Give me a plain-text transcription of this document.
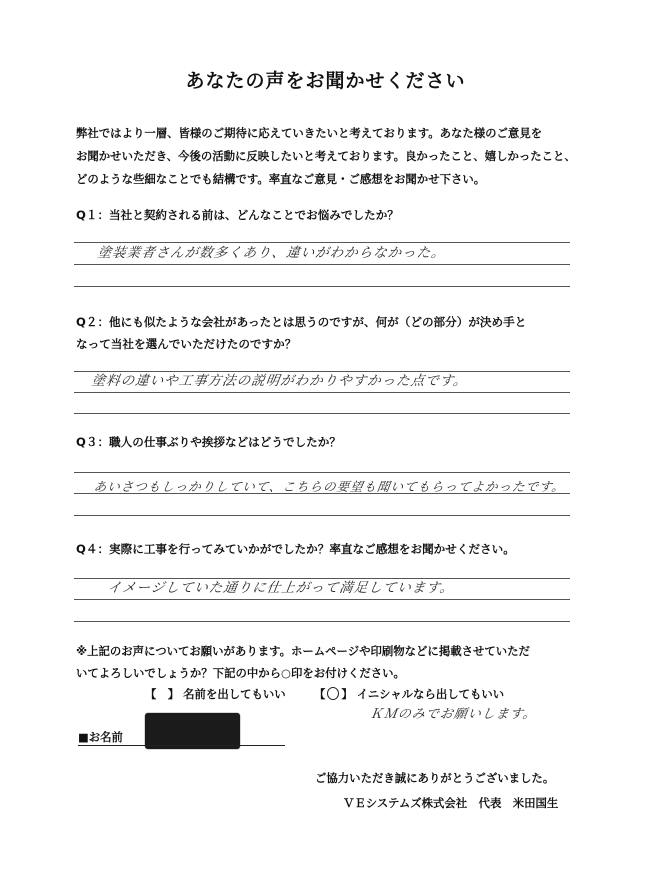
あなたの声をお聞かせください
弊社ではより一層、皆様のご期待に応えていきたいと考えております。あなた様のご意見を
お聞かせいただき、今後の活動に反映したいと考えております。良かったこと、嬉しかったこと、
どのような些細なことでも結構です。率直なご意見・ご感想をお聞かせ下さい。
Q１：当社と契約される前は、どんなことでお悩みでしたか？
塗装業者さんが数多くあり、違いがわからなかった。
Q２：他にも似たような会社があったとは思うのですが、何が（どの部分）が決め手と
なって当社を選んでいただけたのですか？
塗料の違いや工事方法の説明がわかりやすかった点です。
Q３：職人の仕事ぶりや挨拶などはどうでしたか？
あいさつもしっかりしていて、こちらの要望も聞いてもらってよかったです。
Q４：実際に工事を行ってみていかがでしたか？率直なご感想をお聞かせください。
イメージしていた通りに仕上がって満足しています。
※上記のお声についてお願いがあります。ホームページや印刷物などに掲載させていただ
いてよろしいでしょうか？下記の中から○印をお付けください。
【　】 名前を出してもいい 【 ○ 】 イニシャルなら出してもいい
ＫＭのみでお願いします。
■お名前
ご協力いただき誠にありがとうございました。
ＶＥシステムズ株式会社　代表　米田国生
